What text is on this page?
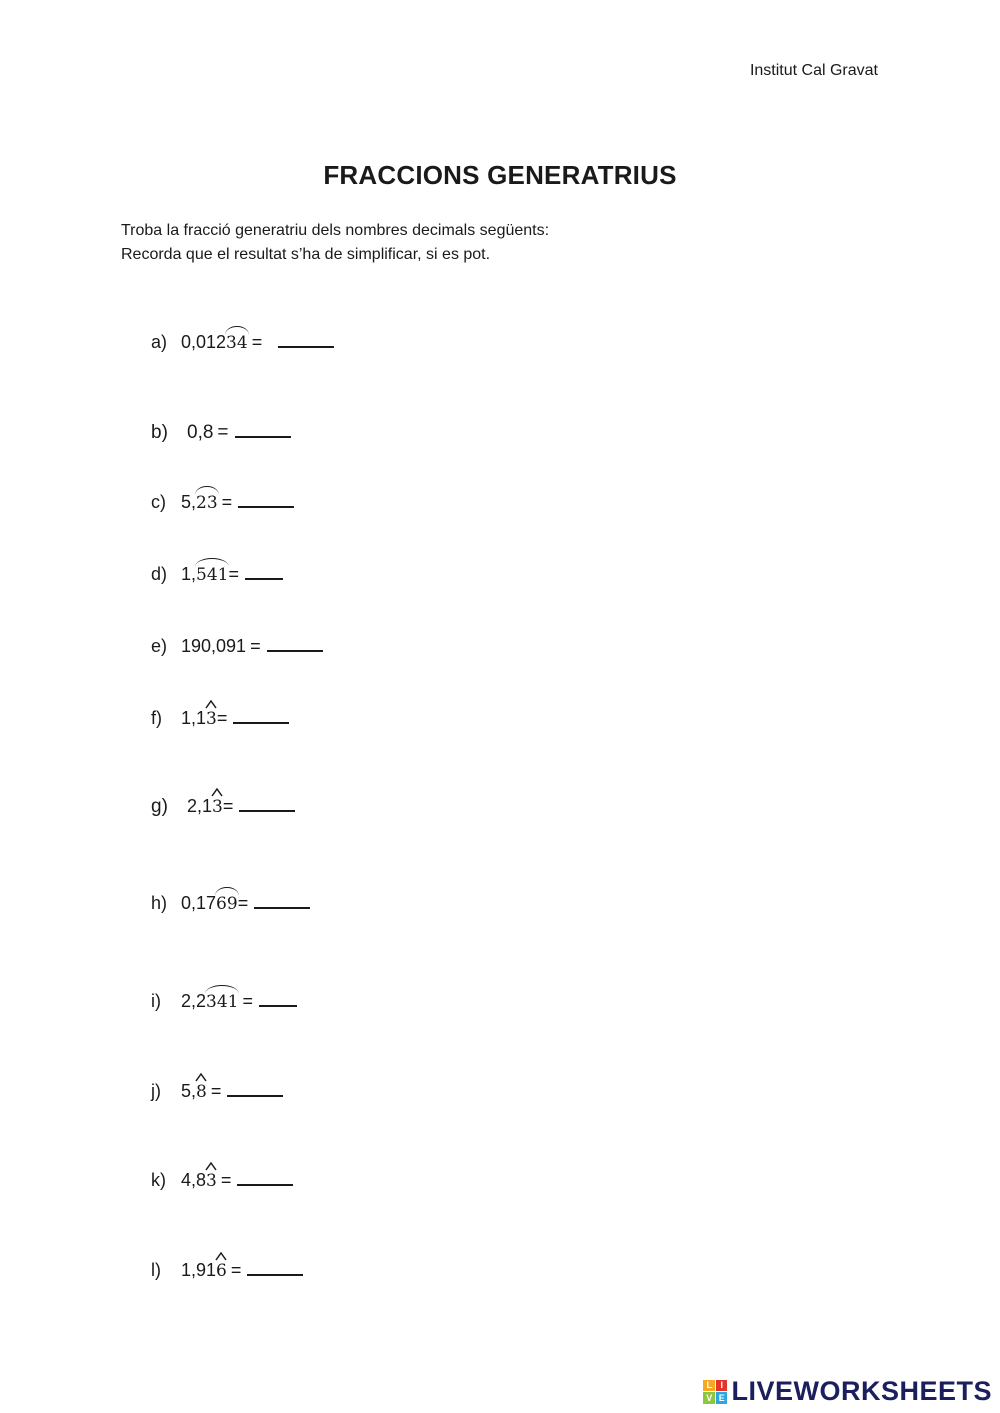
Institut Cal Gravat
FRACCIONS GENERATRIUS
Troba la fracció generatriu dels nombres decimals següents:
Recorda que el resultat s’ha de simplificar, si es pot.
a) 0,01234 =
b)	0,8 =
c) 5,23 =
d) 1,541 =
e) 190,091 =
f)	1,13 =
g)	2,13 =
h) 0,1769 =
i)	2,2341 =
j)	5,8 =
k) 4,83 =
l)	1,916 =
L I
V E LIVEWORKSHEETS
